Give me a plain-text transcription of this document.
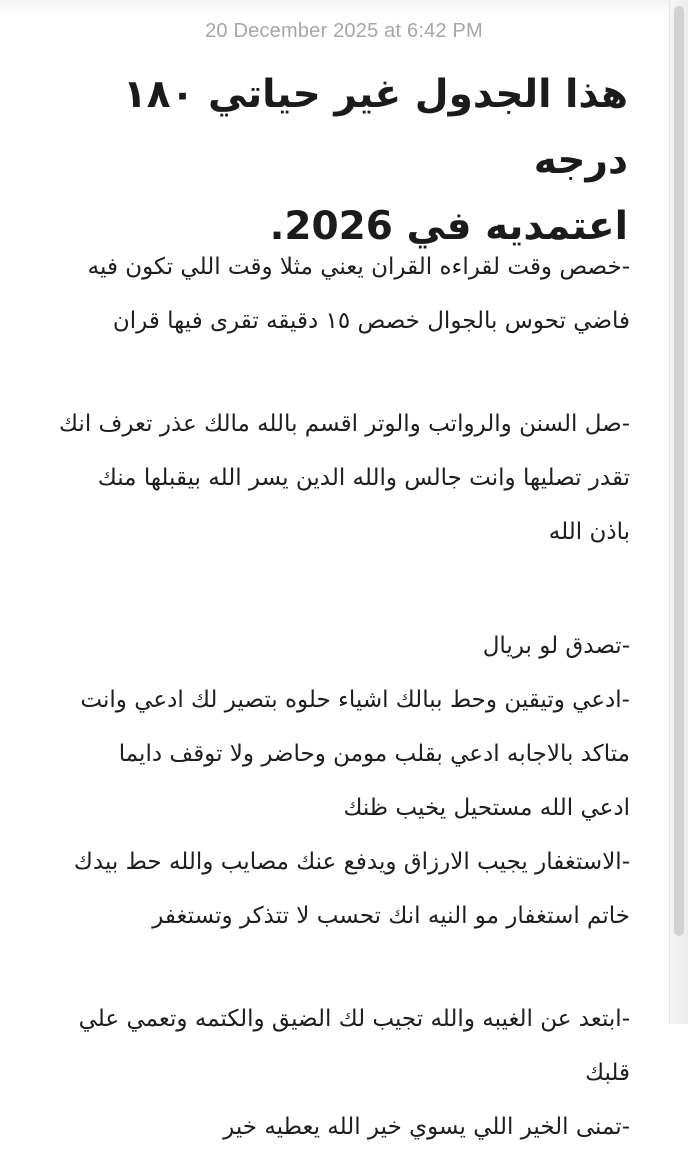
20 December 2025 at 6:42 PM
هذا الجدول غير حياتي ١٨٠ درجه
اعتمديه في 2026.
-خصص وقت لقراءه القران يعني مثلا وقت اللي تكون فيه
فاضي تحوس بالجوال خصص ١٥ دقيقه تقرى فيها قران
-صل السنن والرواتب والوتر اقسم بالله مالك عذر تعرف انك
تقدر تصليها وانت جالس والله الدين يسر الله بيقبلها منك
باذن الله
-تصدق لو بريال
-ادعي وتيقين وحط ببالك اشياء حلوه بتصير لك ادعي وانت
متاكد بالاجابه ادعي بقلب مومن وحاضر ولا توقف دايما
ادعي الله مستحيل يخيب ظنك
-الاستغفار يجيب الارزاق ويدفع عنك مصايب والله حط بيدك
خاتم استغفار مو النيه انك تحسب لا تتذكر وتستغفر
-ابتعد عن الغيبه والله تجيب لك الضيق والكتمه وتعمي علي
قلبك
-تمنى الخير اللي يسوي خير الله يعطيه خير
